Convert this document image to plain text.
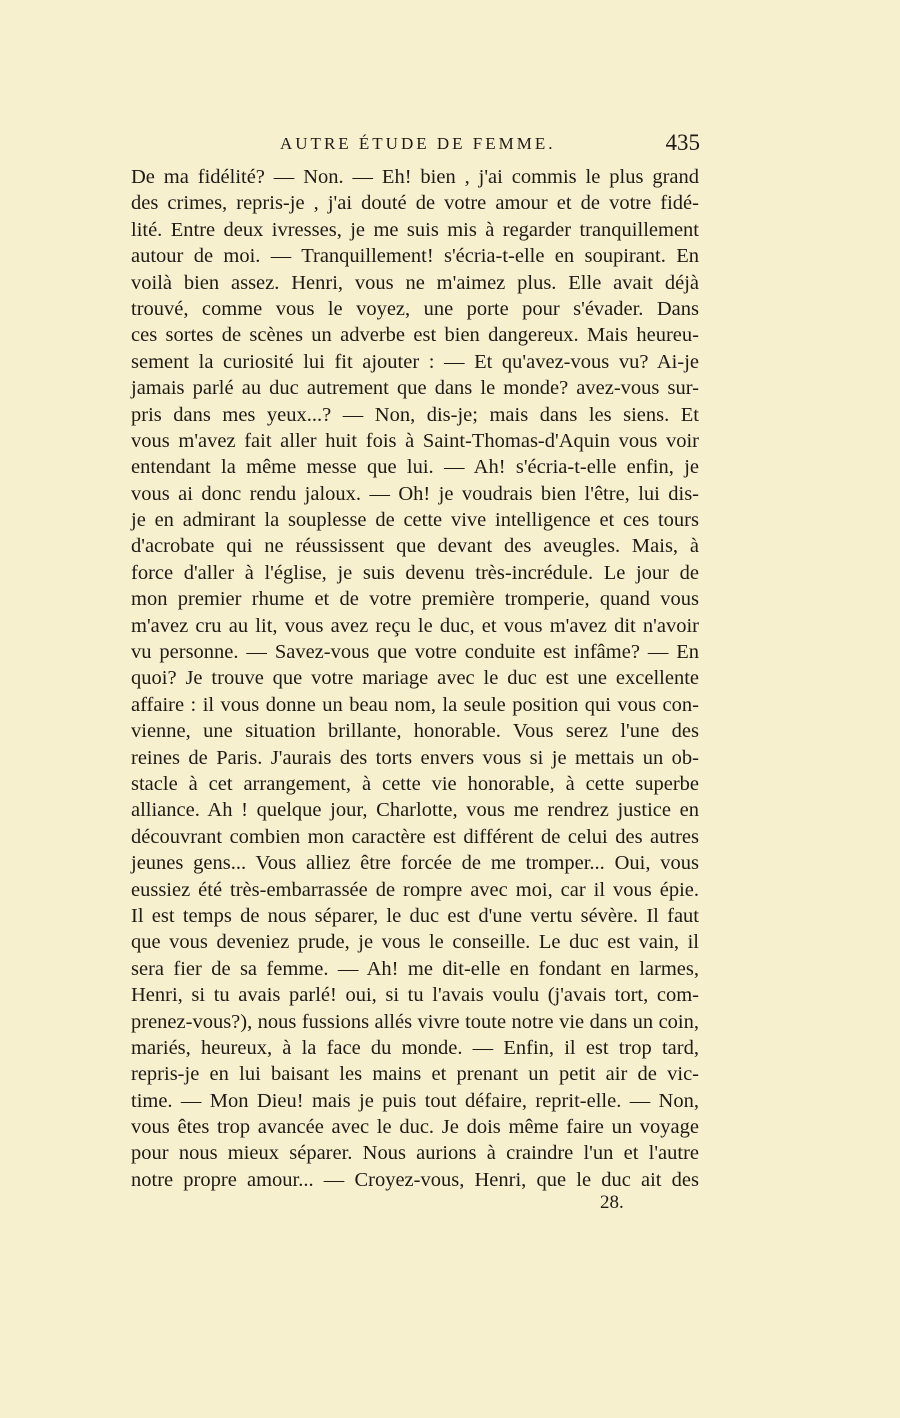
AUTRE ÉTUDE DE FEMME.	435
De ma fidélité? — Non. — Eh! bien , j'ai commis le plus grand
des crimes, repris-je , j'ai douté de votre amour et de votre fidé-
lité. Entre deux ivresses, je me suis mis à regarder tranquillement
autour de moi. — Tranquillement! s'écria-t-elle en soupirant. En
voilà bien assez. Henri, vous ne m'aimez plus. Elle avait déjà
trouvé, comme vous le voyez, une porte pour s'évader. Dans
ces sortes de scènes un adverbe est bien dangereux. Mais heureu-
sement la curiosité lui fit ajouter : — Et qu'avez-vous vu? Ai-je
jamais parlé au duc autrement que dans le monde? avez-vous sur-
pris dans mes yeux...? — Non, dis-je; mais dans les siens. Et
vous m'avez fait aller huit fois à Saint-Thomas-d'Aquin vous voir
entendant la même messe que lui. — Ah! s'écria-t-elle enfin, je
vous ai donc rendu jaloux. — Oh! je voudrais bien l'être, lui dis-
je en admirant la souplesse de cette vive intelligence et ces tours
d'acrobate qui ne réussissent que devant des aveugles. Mais, à
force d'aller à l'église, je suis devenu très-incrédule. Le jour de
mon premier rhume et de votre première tromperie, quand vous
m'avez cru au lit, vous avez reçu le duc, et vous m'avez dit n'avoir
vu personne. — Savez-vous que votre conduite est infâme? — En
quoi? Je trouve que votre mariage avec le duc est une excellente
affaire : il vous donne un beau nom, la seule position qui vous con-
vienne, une situation brillante, honorable. Vous serez l'une des
reines de Paris. J'aurais des torts envers vous si je mettais un ob-
stacle à cet arrangement, à cette vie honorable, à cette superbe
alliance. Ah ! quelque jour, Charlotte, vous me rendrez justice en
découvrant combien mon caractère est différent de celui des autres
jeunes gens... Vous alliez être forcée de me tromper... Oui, vous
eussiez été très-embarrassée de rompre avec moi, car il vous épie.
Il est temps de nous séparer, le duc est d'une vertu sévère. Il faut
que vous deveniez prude, je vous le conseille. Le duc est vain, il
sera fier de sa femme. — Ah! me dit-elle en fondant en larmes,
Henri, si tu avais parlé! oui, si tu l'avais voulu (j'avais tort, com-
prenez-vous?), nous fussions allés vivre toute notre vie dans un coin,
mariés, heureux, à la face du monde. — Enfin, il est trop tard,
repris-je en lui baisant les mains et prenant un petit air de vic-
time. — Mon Dieu! mais je puis tout défaire, reprit-elle. — Non,
vous êtes trop avancée avec le duc. Je dois même faire un voyage
pour nous mieux séparer. Nous aurions à craindre l'un et l'autre
notre propre amour... — Croyez-vous, Henri, que le duc ait des
28.
